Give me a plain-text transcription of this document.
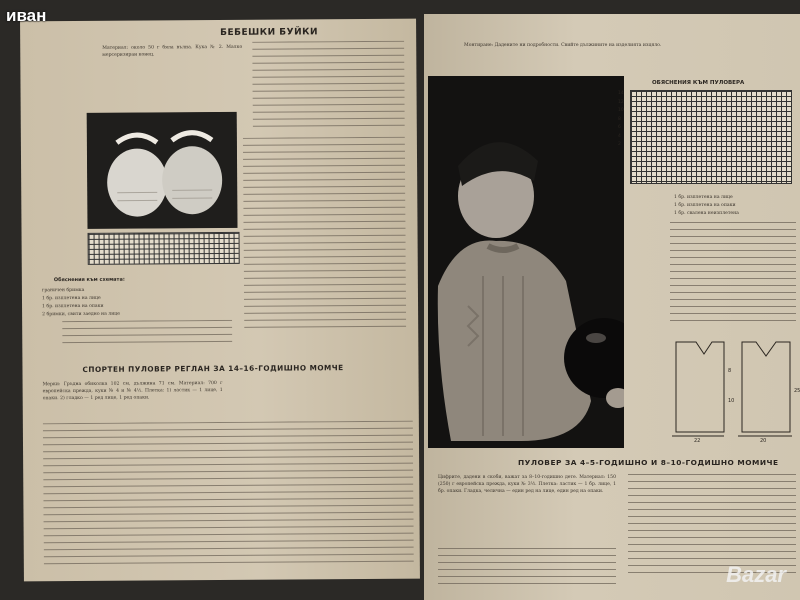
иван
БЕБЕШКИ БУЙКИ
Материал: около 50 г бяла вълна. Кука № 2. Малко мерсеризиран конец.
Обяснения към схемата:
граничен бримка
1 бр. изплетена на лице
1 бр. изплетена на опаки
2 бримки, свити заедно на лице
СПОРТЕН ПУЛОВЕР РЕГЛАН ЗА 14–16-ГОДИШНО МОМЧЕ
Мерки: Гръдна обиколка 102 см, дължина 71 см. Материал: 700 г европейска прежда, куки № 4 и № 4½. Плетка: 1) ластик — 1 лице, 1 опаки. 2) гладко — 1 ред лице, 1 ред опаки.
Монтиране: Дадените ни подробности. Свийте дължините на изделията изцяло.
ОБЯСНЕНИЯ КЪМ ПУЛОВЕРА
14
12
10
8
6
4
2
1 бр. изплетена на лице
1 бр. изплетена на опаки
1 бр. свалена неизплетена
22
8
10
20
25
ПУЛОВЕР ЗА 4–5-ГОДИШНО И 8–10-ГОДИШНО МОМИЧЕ
Цифрите, дадени в скоби, важат за 8–10-годишно дете. Материал: 150 (250) г европейска прежда, куки № 3½. Плетка: ластик — 1 бр. лице, 1 бр. опаки. Гладка, челична — един ред на лице, един ред на опаки.
Bazar
